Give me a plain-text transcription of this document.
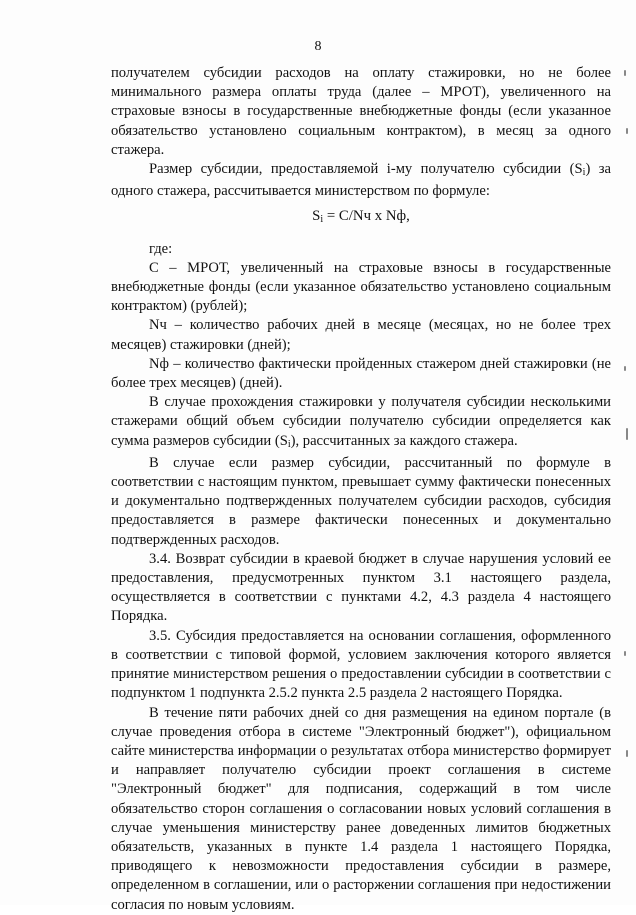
8

получателем субсидии расходов на оплату стажировки, но не более минимального размера оплаты труда (далее – МРОТ), увеличенного на страховые взносы в государственные внебюджетные фонды (если указанное обязательство установлено социальным контрактом), в месяц за одного стажера.

Размер субсидии, предоставляемой i-му получателю субсидии $(S_i)$ за одного стажера, рассчитывается министерством по формуле:

$S_i = C/Nч$ x Nф,

где:

С – МРОТ, увеличенный на страховые взносы в государственные внебюджетные фонды (если указанное обязательство установлено социальным контрактом) (рублей);

Nч – количество рабочих дней в месяце (месяцах, но не более трех месяцев) стажировки (дней);

Nф – количество фактически пройденных стажером дней стажировки (не более трех месяцев) (дней).

В случае прохождения стажировки у получателя субсидии несколькими стажерами общий объем субсидии получателю субсидии определяется как сумма размеров субсидии $(S_i)$, рассчитанных за каждого стажера.

В случае если размер субсидии, рассчитанный по формуле в соответствии с настоящим пунктом, превышает сумму фактически понесенных и документально подтвержденных получателем субсидии расходов, субсидия предоставляется в размере фактически понесенных и документально подтвержденных расходов.

3.4. Возврат субсидии в краевой бюджет в случае нарушения условий ее предоставления, предусмотренных пунктом 3.1 настоящего раздела, осуществляется в соответствии с пунктами 4.2, 4.3 раздела 4 настоящего Порядка.

3.5. Субсидия предоставляется на основании соглашения, оформленного в соответствии с типовой формой, условием заключения которого является принятие министерством решения о предоставлении субсидии в соответствии с подпунктом 1 подпункта 2.5.2 пункта 2.5 раздела 2 настоящего Порядка.

В течение пяти рабочих дней со дня размещения на едином портале (в случае проведения отбора в системе "Электронный бюджет"), официальном сайте министерства информации о результатах отбора министерство формирует и направляет получателю субсидии проект соглашения в системе "Электронный бюджет" для подписания, содержащий в том числе обязательство сторон соглашения о согласовании новых условий соглашения в случае уменьшения министерству ранее доведенных лимитов бюджетных обязательств, указанных в пункте 1.4 раздела 1 настоящего Порядка, приводящего к невозможности предоставления субсидии в размере, определенном в соглашении, или о расторжении соглашения при недостижении согласия по новым условиям.
